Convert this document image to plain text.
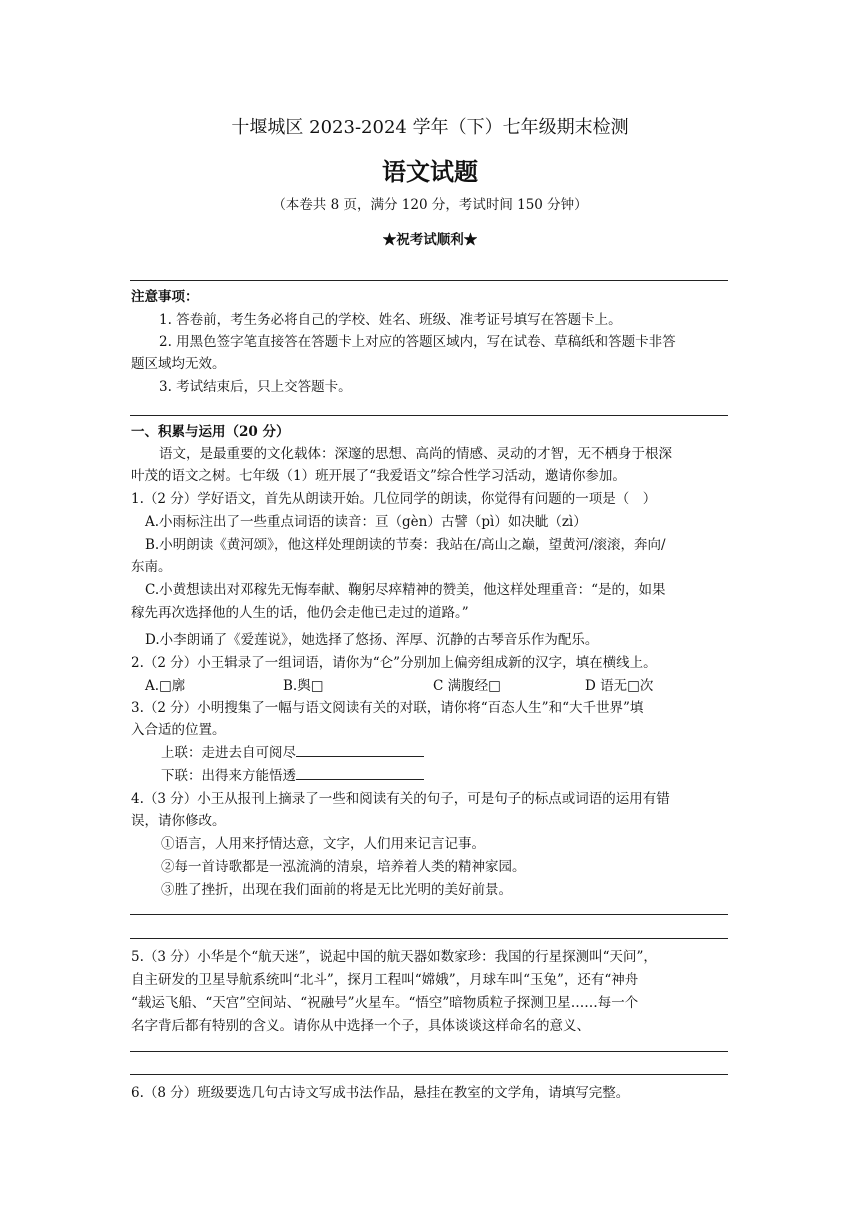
十堰城区 2023-2024 学年（下）七年级期末检测
语文试题
（本卷共 8 页，满分 120 分，考试时间 150 分钟）
★祝考试顺利★
注意事项：
1. 答卷前，考生务必将自己的学校、姓名、班级、准考证号填写在答题卡上。
2. 用黑色签字笔直接答在答题卡上对应的答题区域内，写在试卷、草稿纸和答题卡非答
题区域均无效。
3. 考试结束后，只上交答题卡。
一、积累与运用（20 分）
语文，是最重要的文化载体：深邃的思想、高尚的情感、灵动的才智，无不栖身于根深
叶茂的语文之树。七年级（1）班开展了“我爱语文”综合性学习活动，邀请你参加。
1.（2 分）学好语文，首先从朗读开始。几位同学的朗读，你觉得有问题的一项是（　）
A.小雨标注出了一些重点词语的读音：亘（gèn）古譬（pì）如决眦（zì）
B.小明朗读《黄河颂》，他这样处理朗读的节奏：我站在/高山之巅，望黄河/滚滚，奔向/
东南。
C.小黄想读出对邓稼先无悔奉献、鞠躬尽瘁精神的赞美，他这样处理重音：“是的，如果
稼先再次选择他的人生的话，他仍会走他已走过的道路。”
D.小李朗诵了《爱莲说》，她选择了悠扬、浑厚、沉静的古琴音乐作为配乐。
2.（2 分）小王辑录了一组词语，请你为“仑”分别加上偏旁组成新的汉字，填在横线上。
A.□廓	B.舆□	C 满腹经□	D 语无□次
3.（2 分）小明搜集了一幅与语文阅读有关的对联，请你将“百态人生”和“大千世界”填
入合适的位置。
上联：走进去自可阅尽
下联：出得来方能悟透
4.（3 分）小王从报刊上摘录了一些和阅读有关的句子，可是句子的标点或词语的运用有错
误，请你修改。
①语言，人用来抒情达意，文字，人们用来记言记事。
②每一首诗歌都是一泓流淌的清泉，培养着人类的精神家园。
③胜了挫折，出现在我们面前的将是无比光明的美好前景。
5.（3 分）小华是个“航天迷”，说起中国的航天器如数家珍：我国的行星探测叫“天问”，
自主研发的卫星导航系统叫“北斗”，探月工程叫“嫦娥”，月球车叫“玉兔”，还有“神舟
“载运飞船、“天宫”空间站、“祝融号”火星车。“悟空”暗物质粒子探测卫星……每一个
名字背后都有特别的含义。请你从中选择一个子，具体谈谈这样命名的意义、
6.（8 分）班级要选几句古诗文写成书法作品，悬挂在教室的文学角，请填写完整。
